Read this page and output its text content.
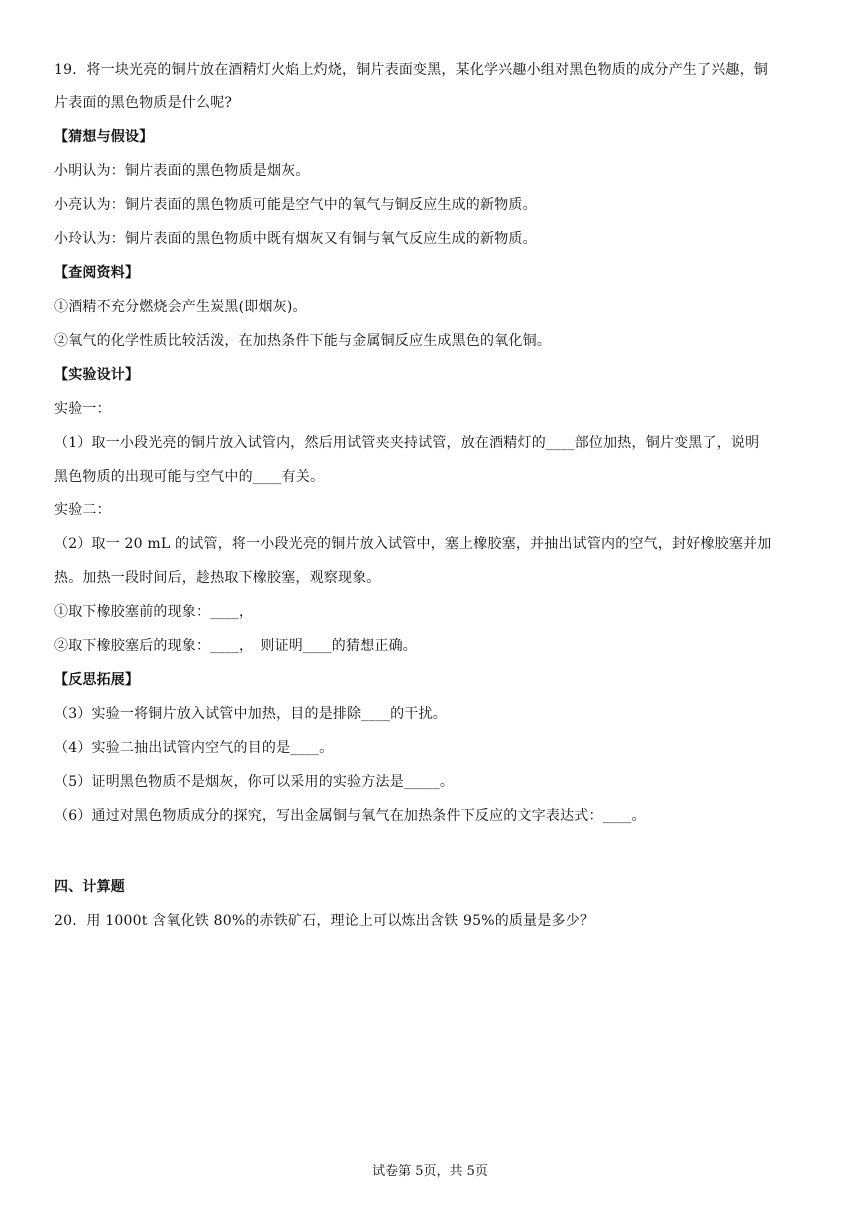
19．将一块光亮的铜片放在酒精灯火焰上灼烧，铜片表面变黑，某化学兴趣小组对黑色物质的成分产生了兴趣，铜
片表面的黑色物质是什么呢?
【猜想与假设】
小明认为：铜片表面的黑色物质是烟灰。
小亮认为：铜片表面的黑色物质可能是空气中的氧气与铜反应生成的新物质。
小玲认为：铜片表面的黑色物质中既有烟灰又有铜与氧气反应生成的新物质。
【查阅资料】
①酒精不充分燃烧会产生炭黑(即烟灰)。
②氧气的化学性质比较活泼，在加热条件下能与金属铜反应生成黑色的氧化铜。
【实验设计】
实验一：
（1）取一小段光亮的铜片放入试管内，然后用试管夹夹持试管，放在酒精灯的____部位加热，铜片变黑了，说明
黑色物质的出现可能与空气中的____有关。
实验二：
（2）取一 20 mL 的试管，将一小段光亮的铜片放入试管中，塞上橡胶塞，并抽出试管内的空气，封好橡胶塞并加
热。加热一段时间后，趁热取下橡胶塞，观察现象。
①取下橡胶塞前的现象：____，
②取下橡胶塞后的现象：____，　则证明____的猜想正确。
【反思拓展】
（3）实验一将铜片放入试管中加热，目的是排除____的干扰。
（4）实验二抽出试管内空气的目的是____。
（5）证明黑色物质不是烟灰，你可以采用的实验方法是_____。
（6）通过对黑色物质成分的探究，写出金属铜与氧气在加热条件下反应的文字表达式：____。
四、计算题
20．用 1000t 含氧化铁 80%的赤铁矿石，理论上可以炼出含铁 95%的质量是多少？
试卷第 5页，共 5页
